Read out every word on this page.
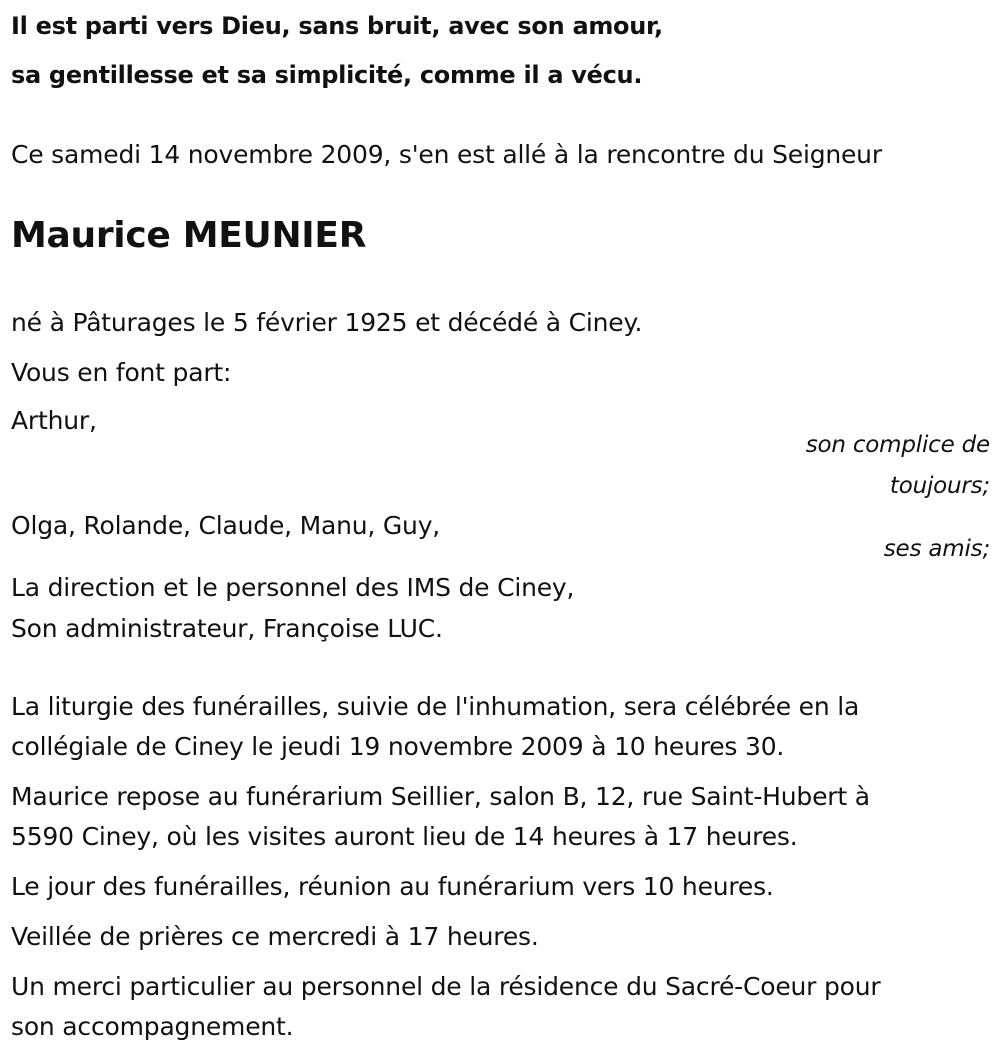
Il est parti vers Dieu, sans bruit, avec son amour,
sa gentillesse et sa simplicité, comme il a vécu.
Ce samedi 14 novembre 2009, s'en est allé à la rencontre du Seigneur
Maurice MEUNIER
né à Pâturages le 5 février 1925 et décédé à Ciney.
Vous en font part:
Arthur,
son complice de
toujours;
Olga, Rolande, Claude, Manu, Guy,
ses amis;
La direction et le personnel des IMS de Ciney,
Son administrateur, Françoise LUC.
La liturgie des funérailles, suivie de l'inhumation, sera célébrée en la
collégiale de Ciney le jeudi 19 novembre 2009 à 10 heures 30.
Maurice repose au funérarium Seillier, salon B, 12, rue Saint-Hubert à
5590 Ciney, où les visites auront lieu de 14 heures à 17 heures.
Le jour des funérailles, réunion au funérarium vers 10 heures.
Veillée de prières ce mercredi à 17 heures.
Un merci particulier au personnel de la résidence du Sacré-Coeur pour
son accompagnement.
